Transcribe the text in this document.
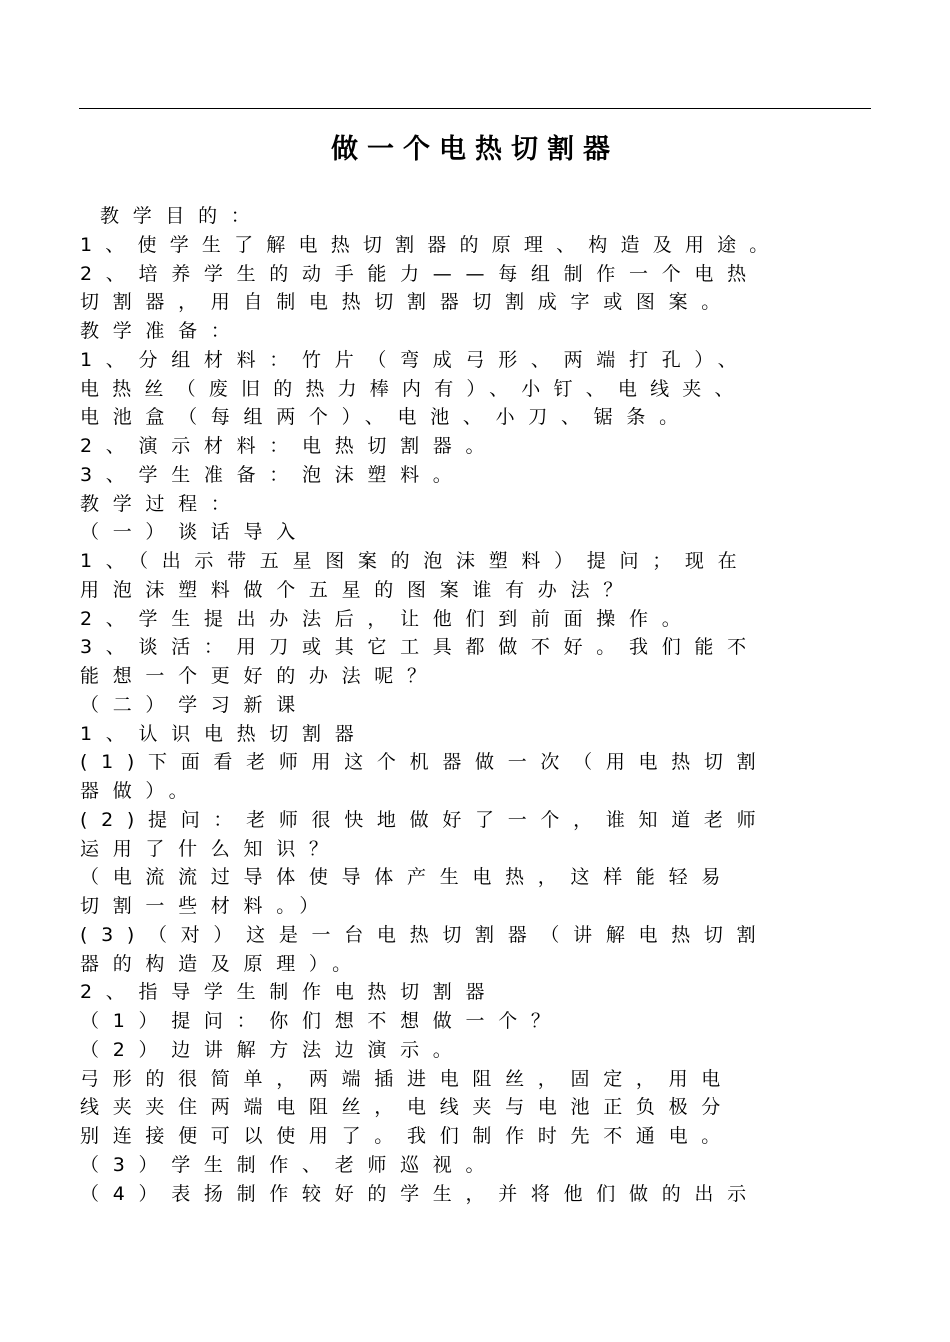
做一个电热切割器
教学目的：
1、使学生了解电热切割器的原理、构造及用途。
2、培养学生的动手能力——每组制作一个电热
切割器，用自制电热切割器切割成字或图案。
教学准备：
1、分组材料：竹片（弯成弓形、两端打孔）、
电热丝（废旧的热力棒内有）、小钉、电线夹、
电池盒（每组两个）、电池、小刀、锯条。
2、演示材料：电热切割器。
3、学生准备：泡沫塑料。
教学过程：
（一）谈话导入
1、（出示带五星图案的泡沫塑料）提问；现在
用泡沫塑料做个五星的图案谁有办法？
2、学生提出办法后，让他们到前面操作。
3、谈活：用刀或其它工具都做不好。我们能不
能想一个更好的办法呢？
（二）学习新课
1、认识电热切割器
(1)下面看老师用这个机器做一次（用电热切割
器做）。
(2)提问：老师很快地做好了一个，谁知道老师
运用了什么知识？
（电流流过导体使导体产生电热，这样能轻易
切割一些材料。）
(3)（对）这是一台电热切割器（讲解电热切割
器的构造及原理）。
2、指导学生制作电热切割器
（1）提问：你们想不想做一个？
（2）边讲解方法边演示。
弓形的很简单，两端插进电阻丝，固定，用电
线夹夹住两端电阻丝，电线夹与电池正负极分
别连接便可以使用了。我们制作时先不通电。
（3）学生制作、老师巡视。
（4）表扬制作较好的学生，并将他们做的出示
